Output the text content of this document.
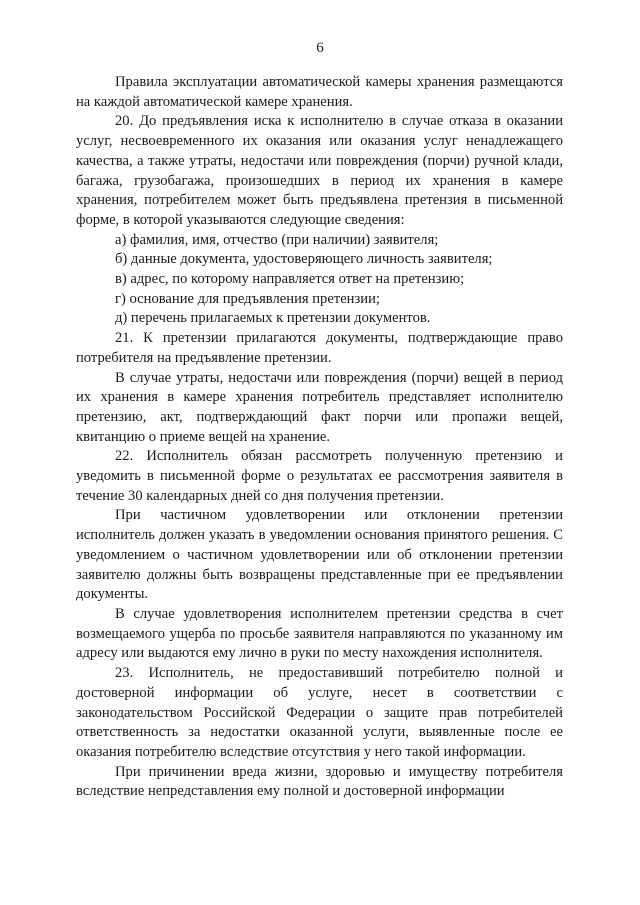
6

Правила эксплуатации автоматической камеры хранения размещаются на каждой автоматической камере хранения.

20. До предъявления иска к исполнителю в случае отказа в оказании услуг, несвоевременного их оказания или оказания услуг ненадлежащего качества, а также утраты, недостачи или повреждения (порчи) ручной клади, багажа, грузобагажа, произошедших в период их хранения в камере хранения, потребителем может быть предъявлена претензия в письменной форме, в которой указываются следующие сведения:

а) фамилия, имя, отчество (при наличии) заявителя;

б) данные документа, удостоверяющего личность заявителя;

в) адрес, по которому направляется ответ на претензию;

г) основание для предъявления претензии;

д) перечень прилагаемых к претензии документов.

21. К претензии прилагаются документы, подтверждающие право потребителя на предъявление претензии.

В случае утраты, недостачи или повреждения (порчи) вещей в период их хранения в камере хранения потребитель представляет исполнителю претензию, акт, подтверждающий факт порчи или пропажи вещей, квитанцию о приеме вещей на хранение.

22. Исполнитель обязан рассмотреть полученную претензию и уведомить в письменной форме о результатах ее рассмотрения заявителя в течение 30 календарных дней со дня получения претензии.

При частичном удовлетворении или отклонении претензии исполнитель должен указать в уведомлении основания принятого решения. С уведомлением о частичном удовлетворении или об отклонении претензии заявителю должны быть возвращены представленные при ее предъявлении документы.

В случае удовлетворения исполнителем претензии средства в счет возмещаемого ущерба по просьбе заявителя направляются по указанному им адресу или выдаются ему лично в руки по месту нахождения исполнителя.

23. Исполнитель, не предоставивший потребителю полной и достоверной информации об услуге, несет в соответствии с законодательством Российской Федерации о защите прав потребителей ответственность за недостатки оказанной услуги, выявленные после ее оказания потребителю вследствие отсутствия у него такой информации.

При причинении вреда жизни, здоровью и имуществу потребителя вследствие непредставления ему полной и достоверной информации
